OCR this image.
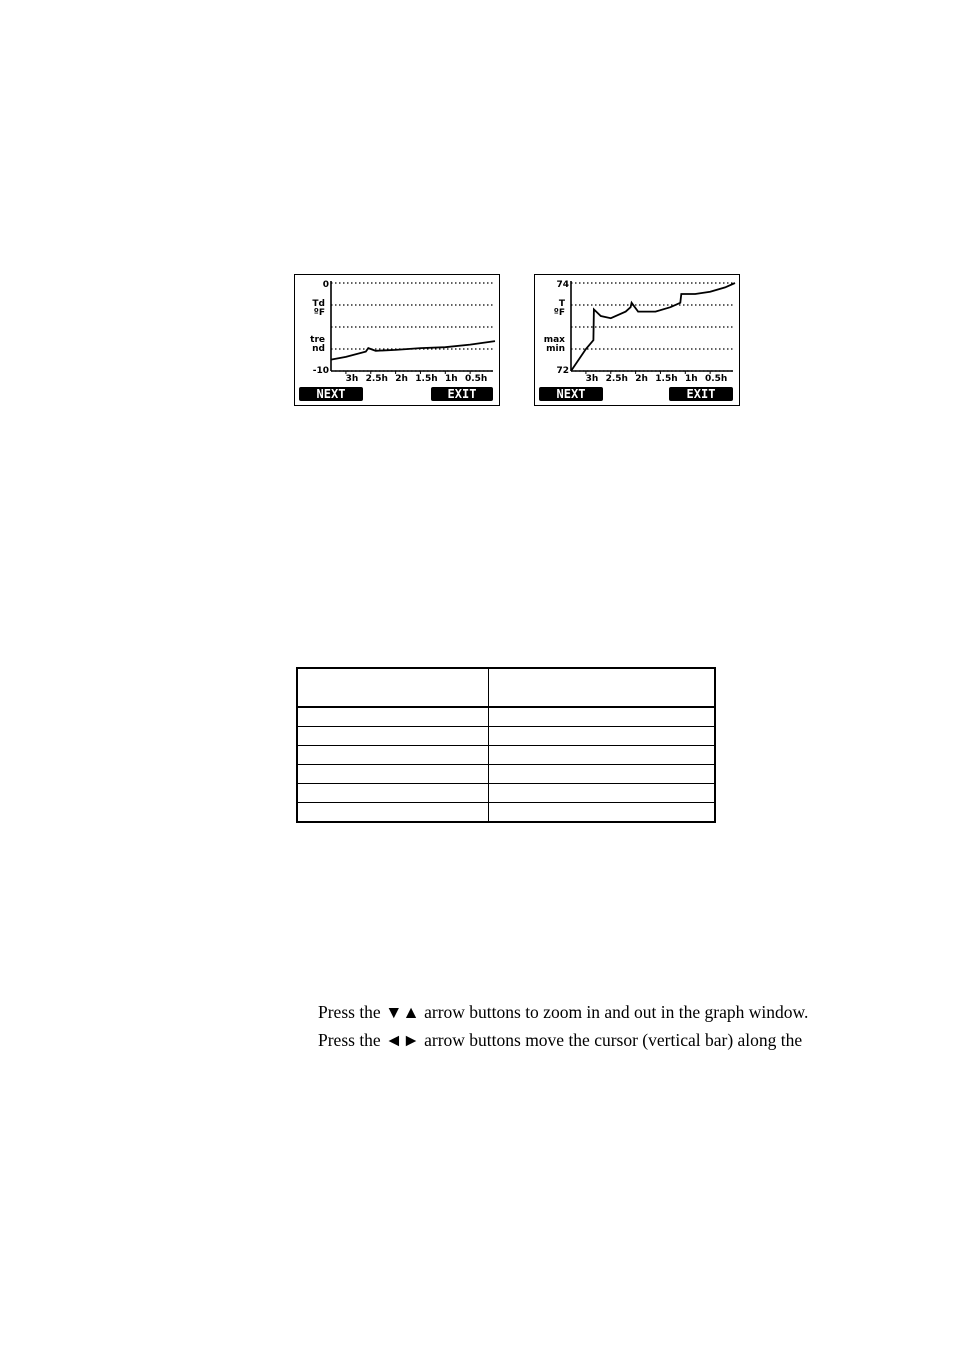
0
-10
Td
ºF
tre
nd
3h 2.5h 2h 1.5h 1h 0.5h
NEXT	EXIT
74
72
T
ºF
max
min
3h 2.5h 2h 1.5h 1h 0.5h
NEXT	EXIT

Press the ▼▲ arrow buttons to zoom in and out in the graph window.
Press the ◄► arrow buttons move the cursor (vertical bar) along the
